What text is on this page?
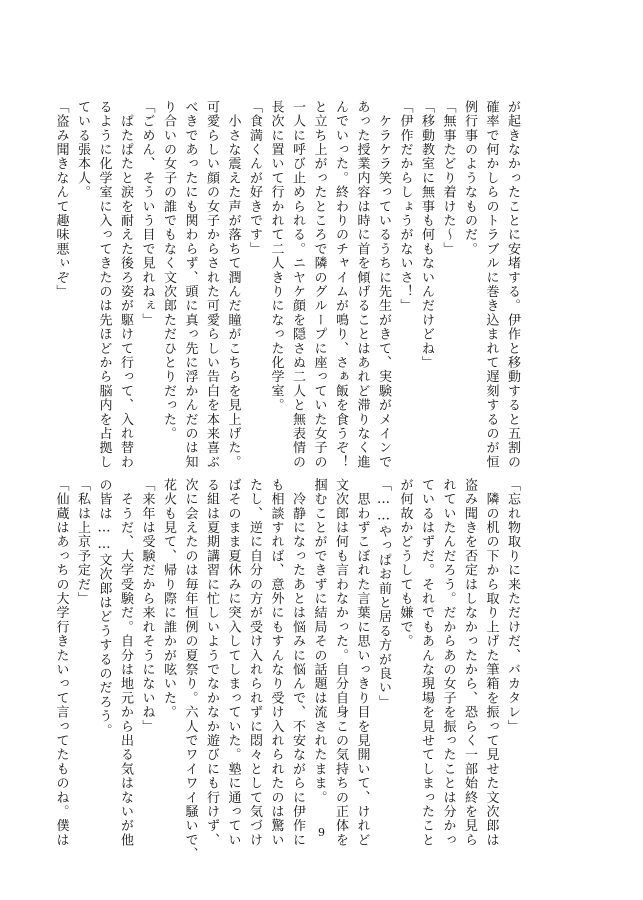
が起きなかったことに安堵する。伊作と移動すると五割の
確率で何かしらのトラブルに巻き込まれて遅刻するのが恒
例行事のようなものだ。
「無事たどり着けた〜」
「移動教室に無事も何もないんだけどね」
「伊作だからしょうがないさ！」
　ケラケラ笑っているうちに先生がきて、実験がメインで
あった授業内容は時に首を傾げることはあれど滞りなく進
んでいった。終わりのチャイムが鳴り、さぁ飯を食うぞ！
と立ち上がったところで隣のグループに座っていた女子の
一人に呼び止められる。ニヤケ顔を隠さぬ二人と無表情の
長次に置いて行かれて二人きりになった化学室。
「食満くんが好きです」
　小さな震えた声が落ちて潤んだ瞳がこちらを見上げた。
可愛らしい顔の女子からされた可愛らしい告白を本来喜ぶ
べきであったにも関わらず、頭に真っ先に浮かんだのは知
り合いの女子の誰でもなく文次郎ただひとりだった。
「ごめん、そういう目で見れねぇ」
　ぱたぱたと涙を耐えた後ろ姿が駆けて行って、入れ替わ
るように化学室に入ってきたのは先ほどから脳内を占拠し
ている張本人。
「盗み聞きなんて趣味悪ぃぞ」
「忘れ物取りに来ただけだ、バカタレ」
　隣の机の下から取り上げた筆箱を振って見せた文次郎は
盗み聞きを否定はしなかったから、恐らく一部始終を見ら
れていたんだろう。だからあの女子を振ったことは分かっ
ているはずだ。それでもあんな現場を見せてしまったこと
が何故かどうしても嫌で。
「……やっぱお前と居る方が良い」
　思わずこぼれた言葉に思いっきり目を見開いて、けれど
文次郎は何も言わなかった。自分自身この気持ちの正体を
掴むことができずに結局その話題は流されたまま。
　冷静になったあとは悩みに悩んで、不安ながらに伊作に
も相談すれば、意外にもすんなり受け入れられたのは驚い
たし、逆に自分の方が受け入れられずに悶々として気づけ
ばそのまま夏休みに突入してしまっていた。塾に通ってい
る組は夏期講習に忙しいようでなかなか遊びにも行けず、
次に会えたのは毎年恒例の夏祭り。六人でワイワイ騒いで、
花火も見て、帰り際に誰かが呟いた。
「来年は受験だから来れそうにないね」
　そうだ、大学受験だ。自分は地元から出る気はないが他
の皆は……文次郎はどうするのだろう。
「私は上京予定だ」
「仙蔵はあっちの大学行きたいって言ってたものね。僕は	9
